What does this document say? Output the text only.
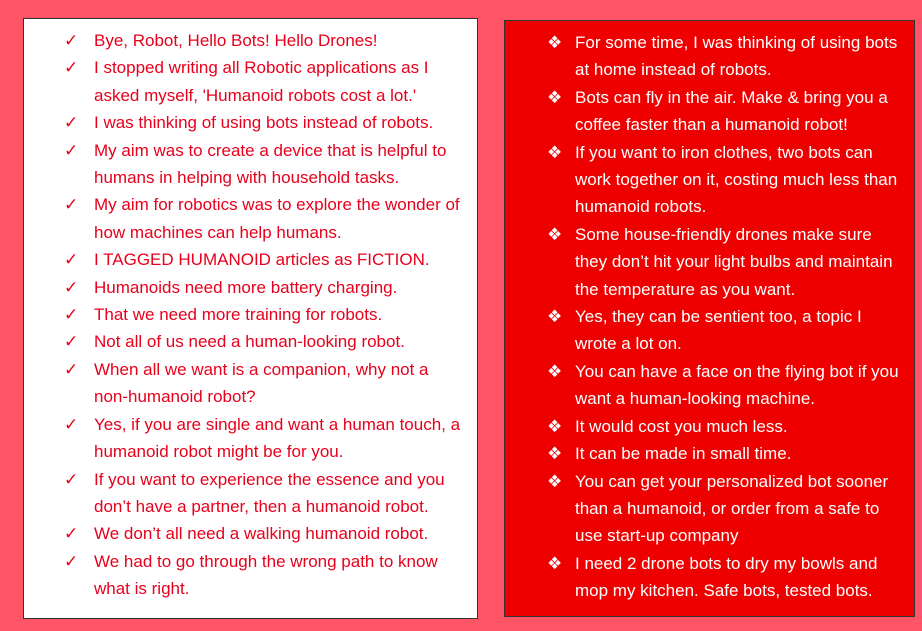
✓ Bye, Robot, Hello Bots! Hello Drones!
✓ I stopped writing all Robotic applications as I asked myself, 'Humanoid robots cost a lot.'
✓ I was thinking of using bots instead of robots.
✓ My aim was to create a device that is helpful to humans in helping with household tasks.
✓ My aim for robotics was to explore the wonder of how machines can help humans.
✓ I TAGGED HUMANOID articles as FICTION.
✓ Humanoids need more battery charging.
✓ That we need more training for robots.
✓ Not all of us need a human-looking robot.
✓ When all we want is a companion, why not a non-humanoid robot?
✓ Yes, if you are single and want a human touch, a humanoid robot might be for you.
✓ If you want to experience the essence and you don’t have a partner, then a humanoid robot.
✓ We don’t all need a walking humanoid robot.
✓ We had to go through the wrong path to know what is right.
❖ For some time, I was thinking of using bots at home instead of robots.
❖ Bots can fly in the air. Make & bring you a coffee faster than a humanoid robot!
❖ If you want to iron clothes, two bots can work together on it, costing much less than humanoid robots.
❖ Some house-friendly drones make sure they don’t hit your light bulbs and maintain the temperature as you want.
❖ Yes, they can be sentient too, a topic I wrote a lot on.
❖ You can have a face on the flying bot if you want a human-looking machine.
❖ It would cost you much less.
❖ It can be made in small time.
❖ You can get your personalized bot sooner than a humanoid, or order from a safe to use start-up company
❖ I need 2 drone bots to dry my bowls and mop my kitchen. Safe bots, tested bots.
